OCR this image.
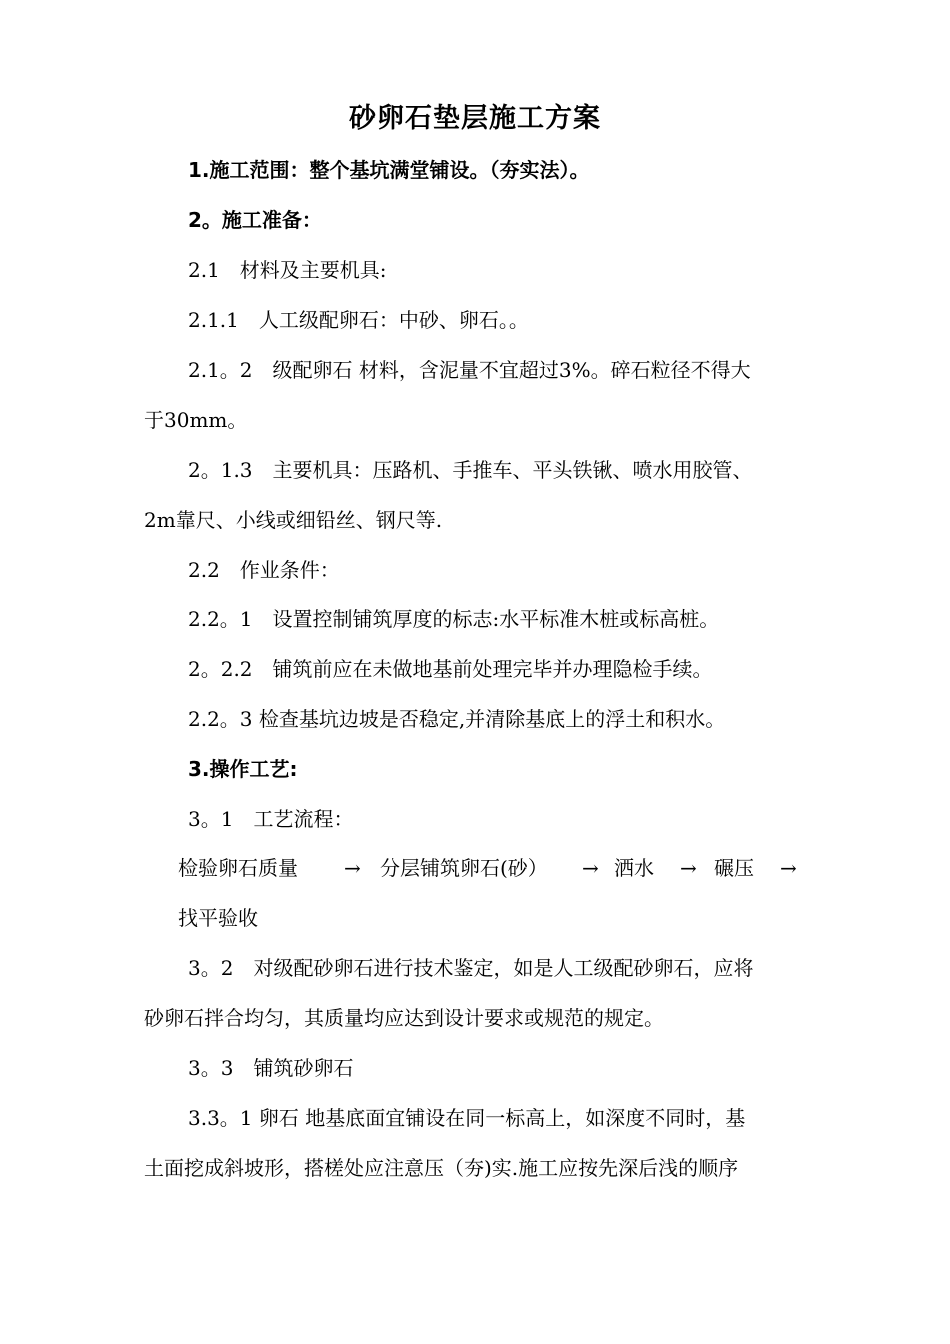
砂卵石垫层施工方案
1.施工范围：整个基坑满堂铺设。（夯实法）。
2。施工准备：
2.1　材料及主要机具:
2.1.1　人工级配卵石：中砂、卵石。。
2.1。2　级配卵石 材料，含泥量不宜超过3%。碎石粒径不得大
于30mm。
2。1.3　主要机具：压路机、手推车、平头铁锹、喷水用胶管、
2m靠尺、小线或细铅丝、钢尺等.
2.2　作业条件：
2.2。1　设置控制铺筑厚度的标志:水平标准木桩或标高桩。
2。2.2　铺筑前应在未做地基前处理完毕并办理隐检手续。
2.2。3 检查基坑边坡是否稳定,并清除基底上的浮土和积水。
3.操作工艺:
3。1　工艺流程：
检验卵石质量 → 分层铺筑卵石(砂） → 洒水 → 碾压 →
找平验收
3。2　对级配砂卵石进行技术鉴定，如是人工级配砂卵石，应将
砂卵石拌合均匀，其质量均应达到设计要求或规范的规定。
3。3　铺筑砂卵石
3.3。1 卵石 地基底面宜铺设在同一标高上，如深度不同时，基
土面挖成斜坡形，搭槎处应注意压（夯)实.施工应按先深后浅的顺序
